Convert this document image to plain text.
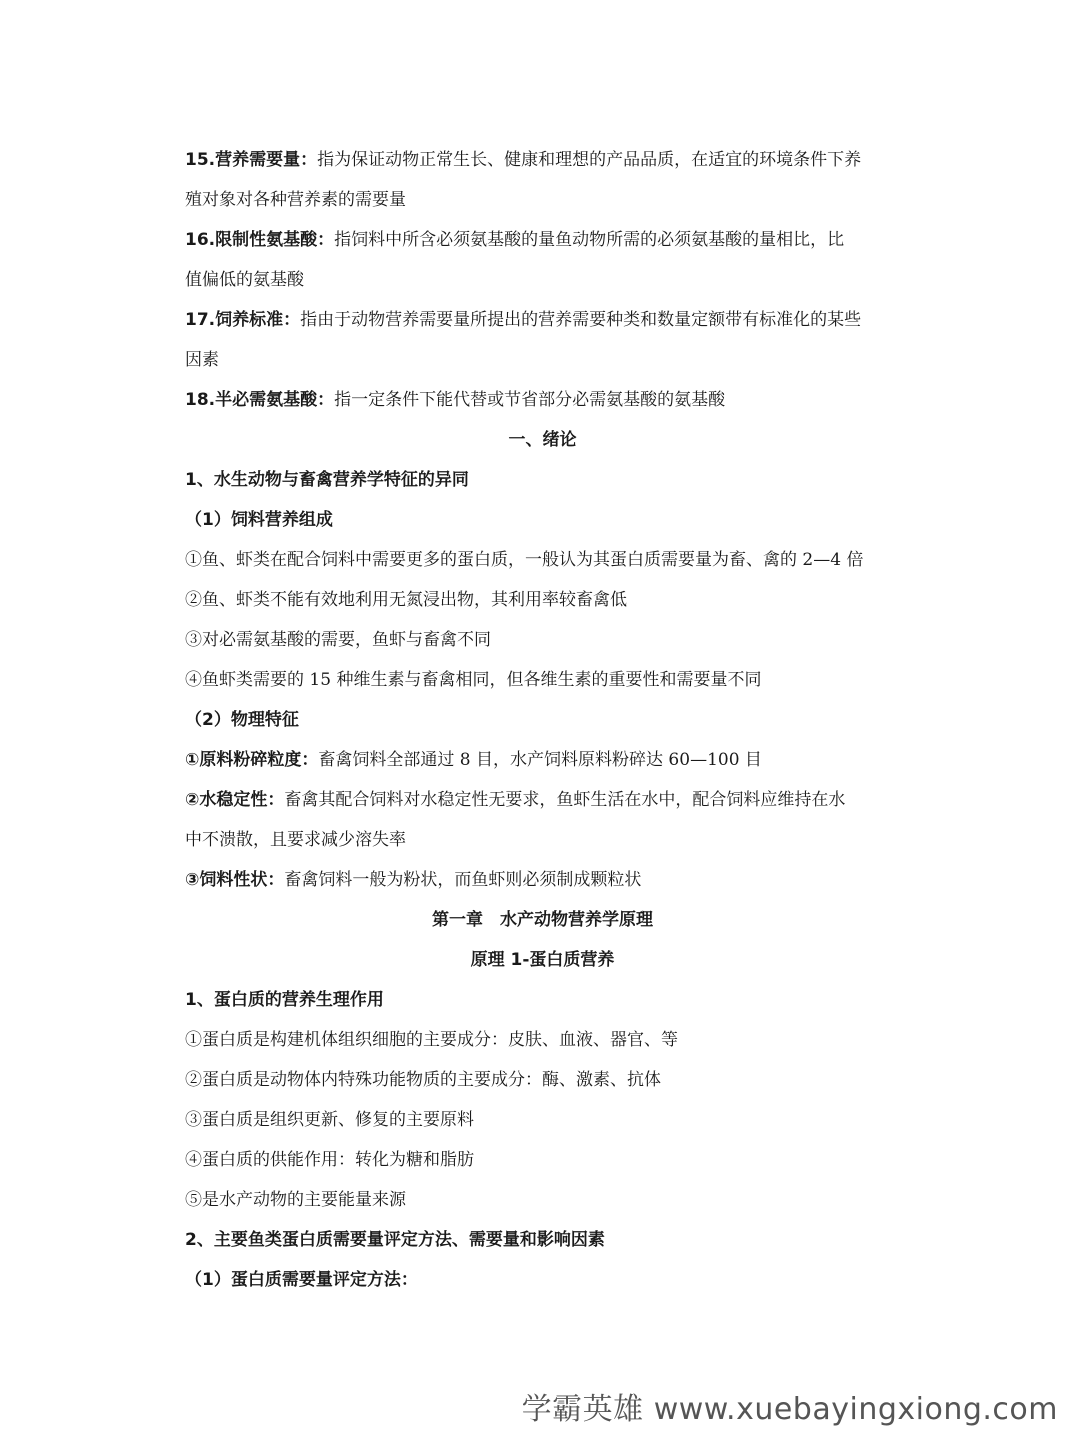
15.营养需要量：指为保证动物正常生长、健康和理想的产品品质，在适宜的环境条件下养
殖对象对各种营养素的需要量
16.限制性氨基酸：指饲料中所含必须氨基酸的量鱼动物所需的必须氨基酸的量相比，比
值偏低的氨基酸
17.饲养标准：指由于动物营养需要量所提出的营养需要种类和数量定额带有标准化的某些
因素
18.半必需氨基酸：指一定条件下能代替或节省部分必需氨基酸的氨基酸
一、绪论
1、水生动物与畜禽营养学特征的异同
（1）饲料营养组成
①鱼、虾类在配合饲料中需要更多的蛋白质，一般认为其蛋白质需要量为畜、禽的 2—4 倍
②鱼、虾类不能有效地利用无氮浸出物，其利用率较畜禽低
③对必需氨基酸的需要，鱼虾与畜禽不同
④鱼虾类需要的 15 种维生素与畜禽相同，但各维生素的重要性和需要量不同
（2）物理特征
①原料粉碎粒度：畜禽饲料全部通过 8 目，水产饲料原料粉碎达 60—100 目
②水稳定性：畜禽其配合饲料对水稳定性无要求，鱼虾生活在水中，配合饲料应维持在水
中不溃散，且要求减少溶失率
③饲料性状：畜禽饲料一般为粉状，而鱼虾则必须制成颗粒状
第一章　水产动物营养学原理
原理 1-蛋白质营养
1、蛋白质的营养生理作用
①蛋白质是构建机体组织细胞的主要成分：皮肤、血液、器官、等
②蛋白质是动物体内特殊功能物质的主要成分：酶、激素、抗体
③蛋白质是组织更新、修复的主要原料
④蛋白质的供能作用：转化为糖和脂肪
⑤是水产动物的主要能量来源
2、主要鱼类蛋白质需要量评定方法、需要量和影响因素
（1）蛋白质需要量评定方法：
学霸英雄 www.xuebayingxiong.com
